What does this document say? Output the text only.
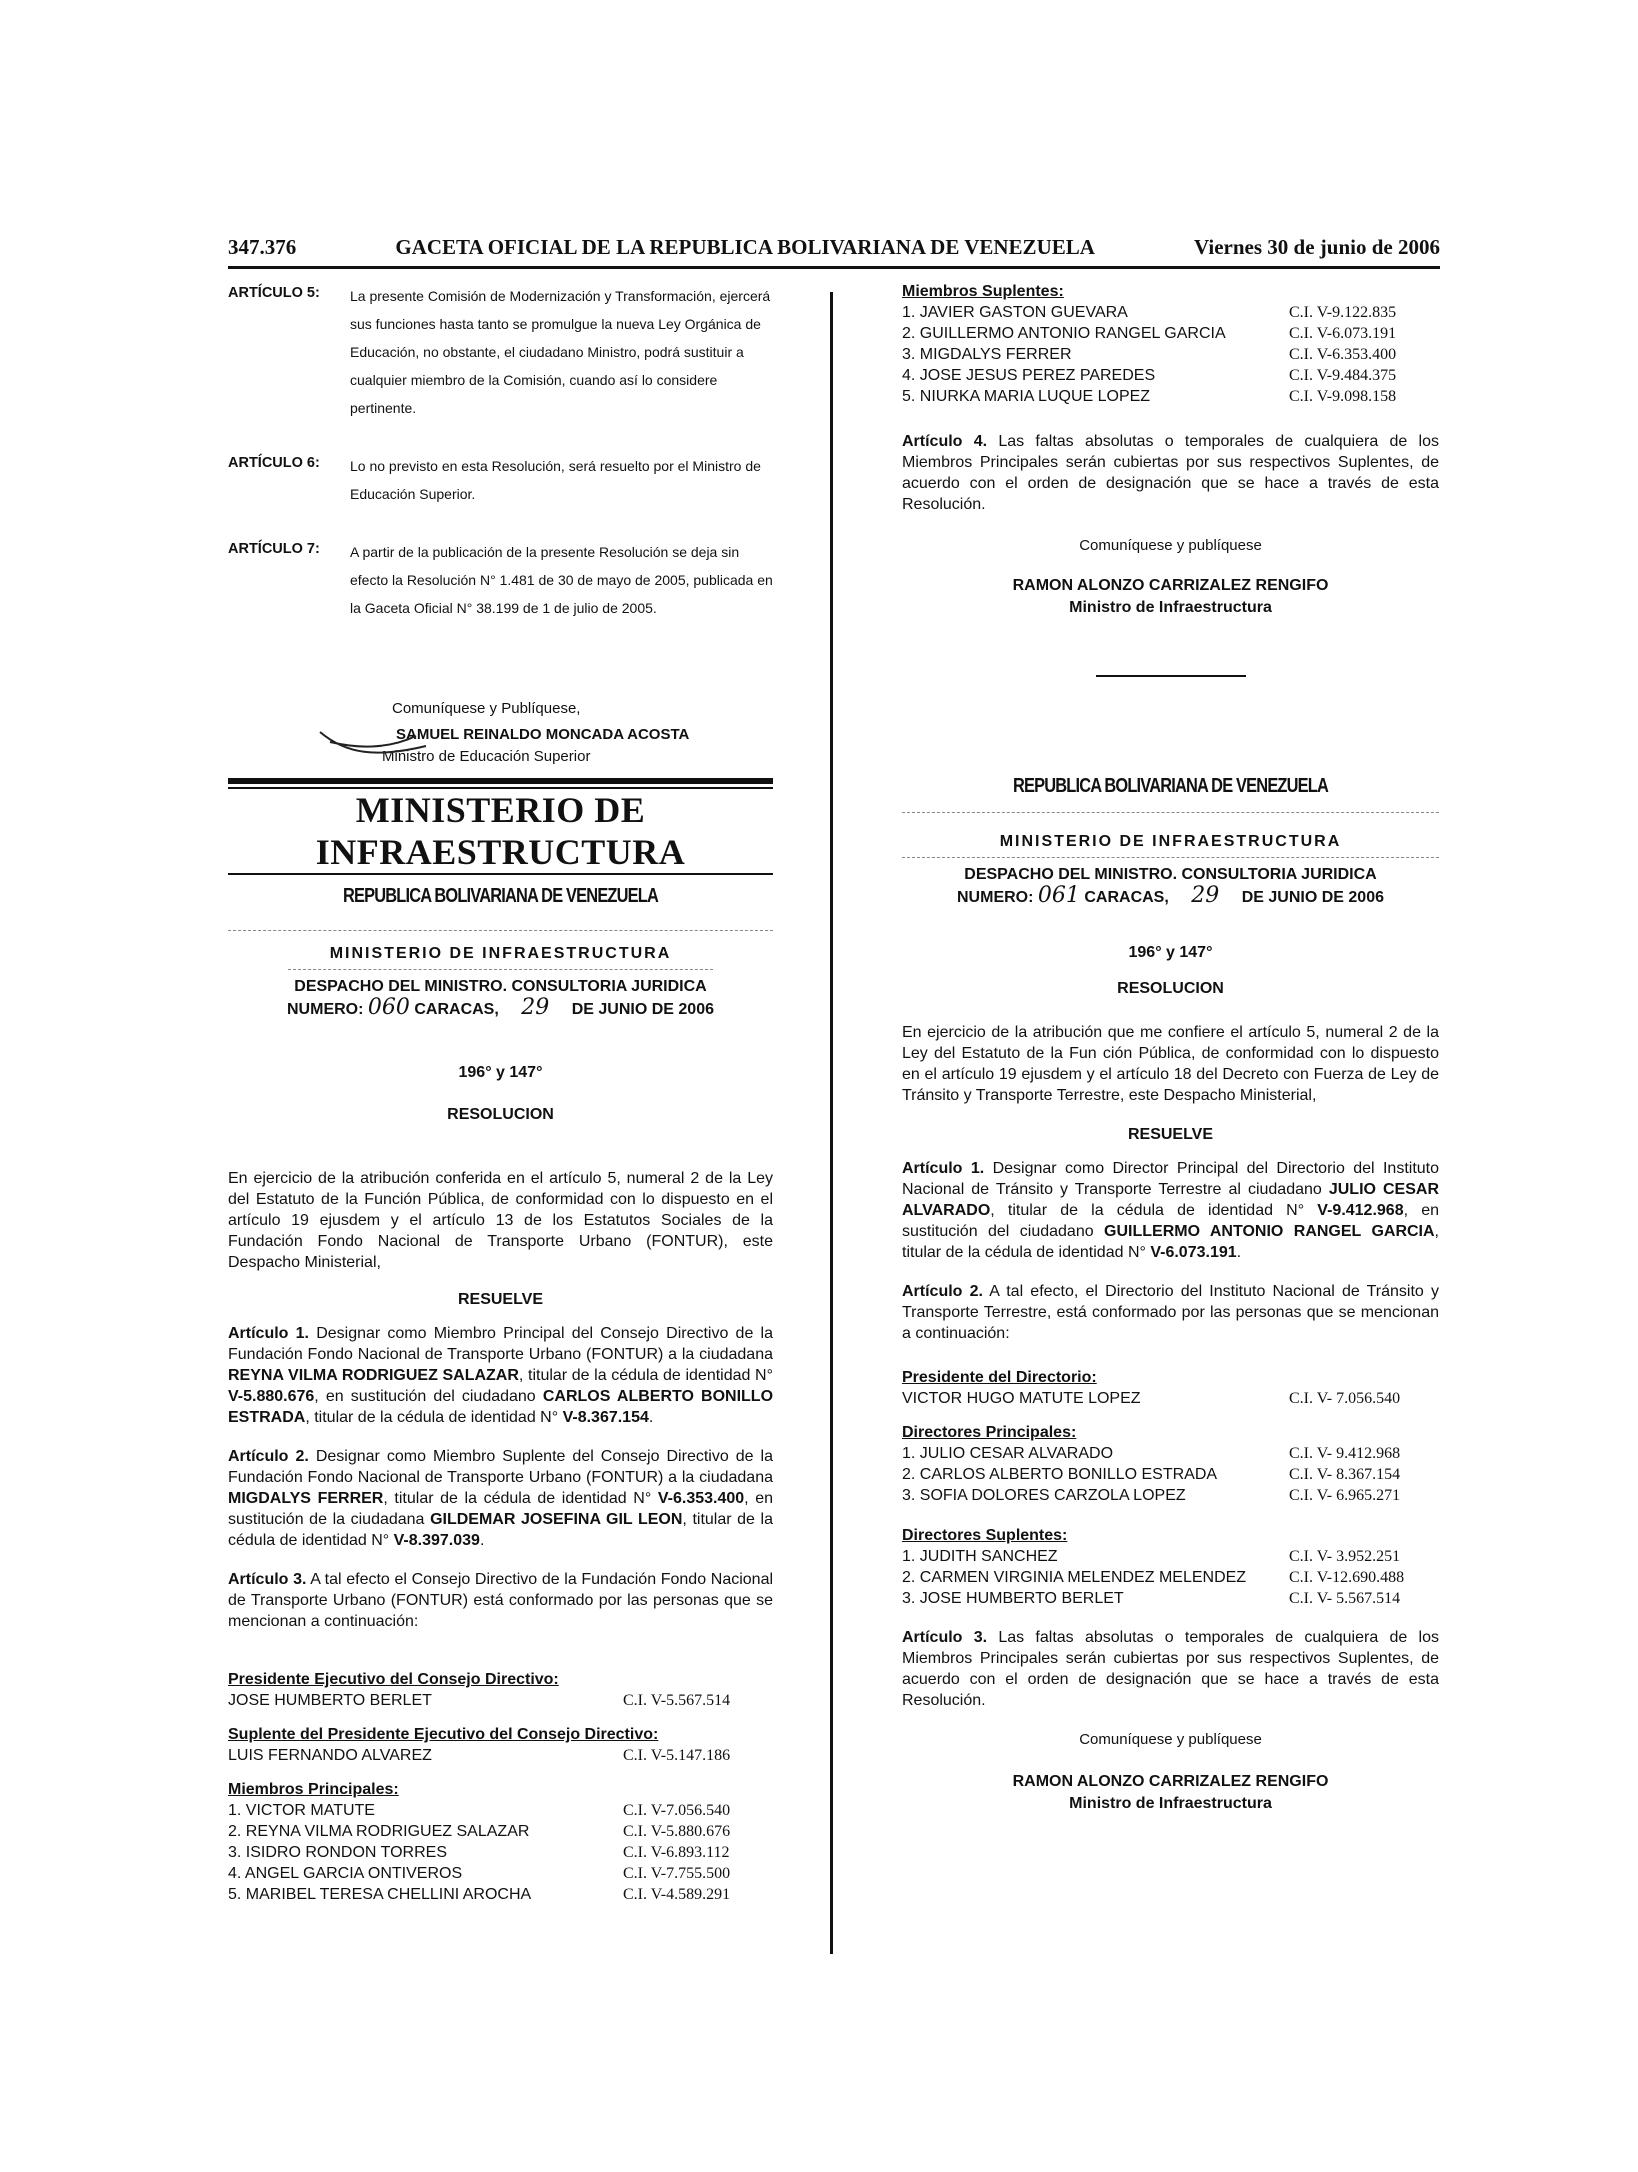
347.376	GACETA OFICIAL DE LA REPUBLICA BOLIVARIANA DE VENEZUELA	Viernes 30 de junio de 2006
ARTÍCULO 5:	La presente Comisión de Modernización y Transformación, ejercerá sus funciones hasta tanto se promulgue la nueva Ley Orgánica de Educación, no obstante, el ciudadano Ministro, podrá sustituir a cualquier miembro de la Comisión, cuando así lo considere pertinente.
ARTÍCULO 6:	Lo no previsto en esta Resolución, será resuelto por el Ministro de Educación Superior.
ARTÍCULO 7:	A partir de la publicación de la presente Resolución se deja sin efecto la Resolución N° 1.481 de 30 de mayo de 2005, publicada en la Gaceta Oficial N° 38.199 de 1 de julio de 2005.
Comuníquese y Publíquese,
SAMUEL REINALDO MONCADA ACOSTA
Ministro de Educación Superior

MINISTERIO DE INFRAESTRUCTURA

REPUBLICA BOLIVARIANA DE VENEZUELA
MINISTERIO DE INFRAESTRUCTURA
DESPACHO DEL MINISTRO. CONSULTORIA JURIDICA
NUMERO: 060 CARACAS, 29 DE JUNIO DE 2006
196° y 147°
RESOLUCION

En ejercicio de la atribución conferida en el artículo 5, numeral 2 de la Ley del Estatuto de la Función Pública, de conformidad con lo dispuesto en el artículo 19 ejusdem y el artículo 13 de los Estatutos Sociales de la Fundación Fondo Nacional de Transporte Urbano (FONTUR), este Despacho Ministerial,

RESUELVE

Artículo 1. Designar como Miembro Principal del Consejo Directivo de la Fundación Fondo Nacional de Transporte Urbano (FONTUR) a la ciudadana REYNA VILMA RODRIGUEZ SALAZAR, titular de la cédula de identidad N° V-5.880.676, en sustitución del ciudadano CARLOS ALBERTO BONILLO ESTRADA, titular de la cédula de identidad N° V-8.367.154.

Artículo 2. Designar como Miembro Suplente del Consejo Directivo de la Fundación Fondo Nacional de Transporte Urbano (FONTUR) a la ciudadana MIGDALYS FERRER, titular de la cédula de identidad N° V-6.353.400, en sustitución de la ciudadana GILDEMAR JOSEFINA GIL LEON, titular de la cédula de identidad N° V-8.397.039.

Artículo 3. A tal efecto el Consejo Directivo de la Fundación Fondo Nacional de Transporte Urbano (FONTUR) está conformado por las personas que se mencionan a continuación:

Presidente Ejecutivo del Consejo Directivo:

JOSE HUMBERTO BERLET	C.I. V-5.567.514

Suplente del Presidente Ejecutivo del Consejo Directivo:

LUIS FERNANDO ALVAREZ	C.I. V-5.147.186

Miembros Principales:

1. VICTOR MATUTE	C.I. V-7.056.540
2. REYNA VILMA RODRIGUEZ SALAZAR	C.I. V-5.880.676
3. ISIDRO RONDON TORRES	C.I. V-6.893.112
4. ANGEL GARCIA ONTIVEROS	C.I. V-7.755.500
5. MARIBEL TERESA CHELLINI AROCHA	C.I. V-4.589.291

Miembros Suplentes:

1. JAVIER GASTON GUEVARA	C.I. V-9.122.835
2. GUILLERMO ANTONIO RANGEL GARCIA	C.I. V-6.073.191
3. MIGDALYS FERRER	C.I. V-6.353.400
4. JOSE JESUS PEREZ PAREDES	C.I. V-9.484.375
5. NIURKA MARIA LUQUE LOPEZ	C.I. V-9.098.158

Artículo 4. Las faltas absolutas o temporales de cualquiera de los Miembros Principales serán cubiertas por sus respectivos Suplentes, de acuerdo con el orden de designación que se hace a través de esta Resolución.

Comuníquese y publíquese
RAMON ALONZO CARRIZALEZ RENGIFO
Ministro de Infraestructura
REPUBLICA BOLIVARIANA DE VENEZUELA
MINISTERIO DE INFRAESTRUCTURA
DESPACHO DEL MINISTRO. CONSULTORIA JURIDICA
NUMERO: 061 CARACAS, 29 DE JUNIO DE 2006
196° y 147°
RESOLUCION

En ejercicio de la atribución que me confiere el artículo 5, numeral 2 de la Ley del Estatuto de la Fun ción Pública, de conformidad con lo dispuesto en el artículo 19 ejusdem y el artículo 18 del Decreto con Fuerza de Ley de Tránsito y Transporte Terrestre, este Despacho Ministerial,

RESUELVE

Artículo 1. Designar como Director Principal del Directorio del Instituto Nacional de Tránsito y Transporte Terrestre al ciudadano JULIO CESAR ALVARADO, titular de la cédula de identidad N° V-9.412.968, en sustitución del ciudadano GUILLERMO ANTONIO RANGEL GARCIA, titular de la cédula de identidad N° V-6.073.191.

Artículo 2. A tal efecto, el Directorio del Instituto Nacional de Tránsito y Transporte Terrestre, está conformado por las personas que se mencionan a continuación:

Presidente del Directorio:

VICTOR HUGO MATUTE LOPEZ	C.I. V- 7.056.540

Directores Principales:

1. JULIO CESAR ALVARADO	C.I. V- 9.412.968
2. CARLOS ALBERTO BONILLO ESTRADA	C.I. V- 8.367.154
3. SOFIA DOLORES CARZOLA LOPEZ	C.I. V- 6.965.271

Directores Suplentes:

1. JUDITH SANCHEZ	C.I. V- 3.952.251
2. CARMEN VIRGINIA MELENDEZ MELENDEZ	C.I. V-12.690.488
3. JOSE HUMBERTO BERLET	C.I. V- 5.567.514

Artículo 3. Las faltas absolutas o temporales de cualquiera de los Miembros Principales serán cubiertas por sus respectivos Suplentes, de acuerdo con el orden de designación que se hace a través de esta Resolución.

Comuníquese y publíquese
RAMON ALONZO CARRIZALEZ RENGIFO
Ministro de Infraestructura
